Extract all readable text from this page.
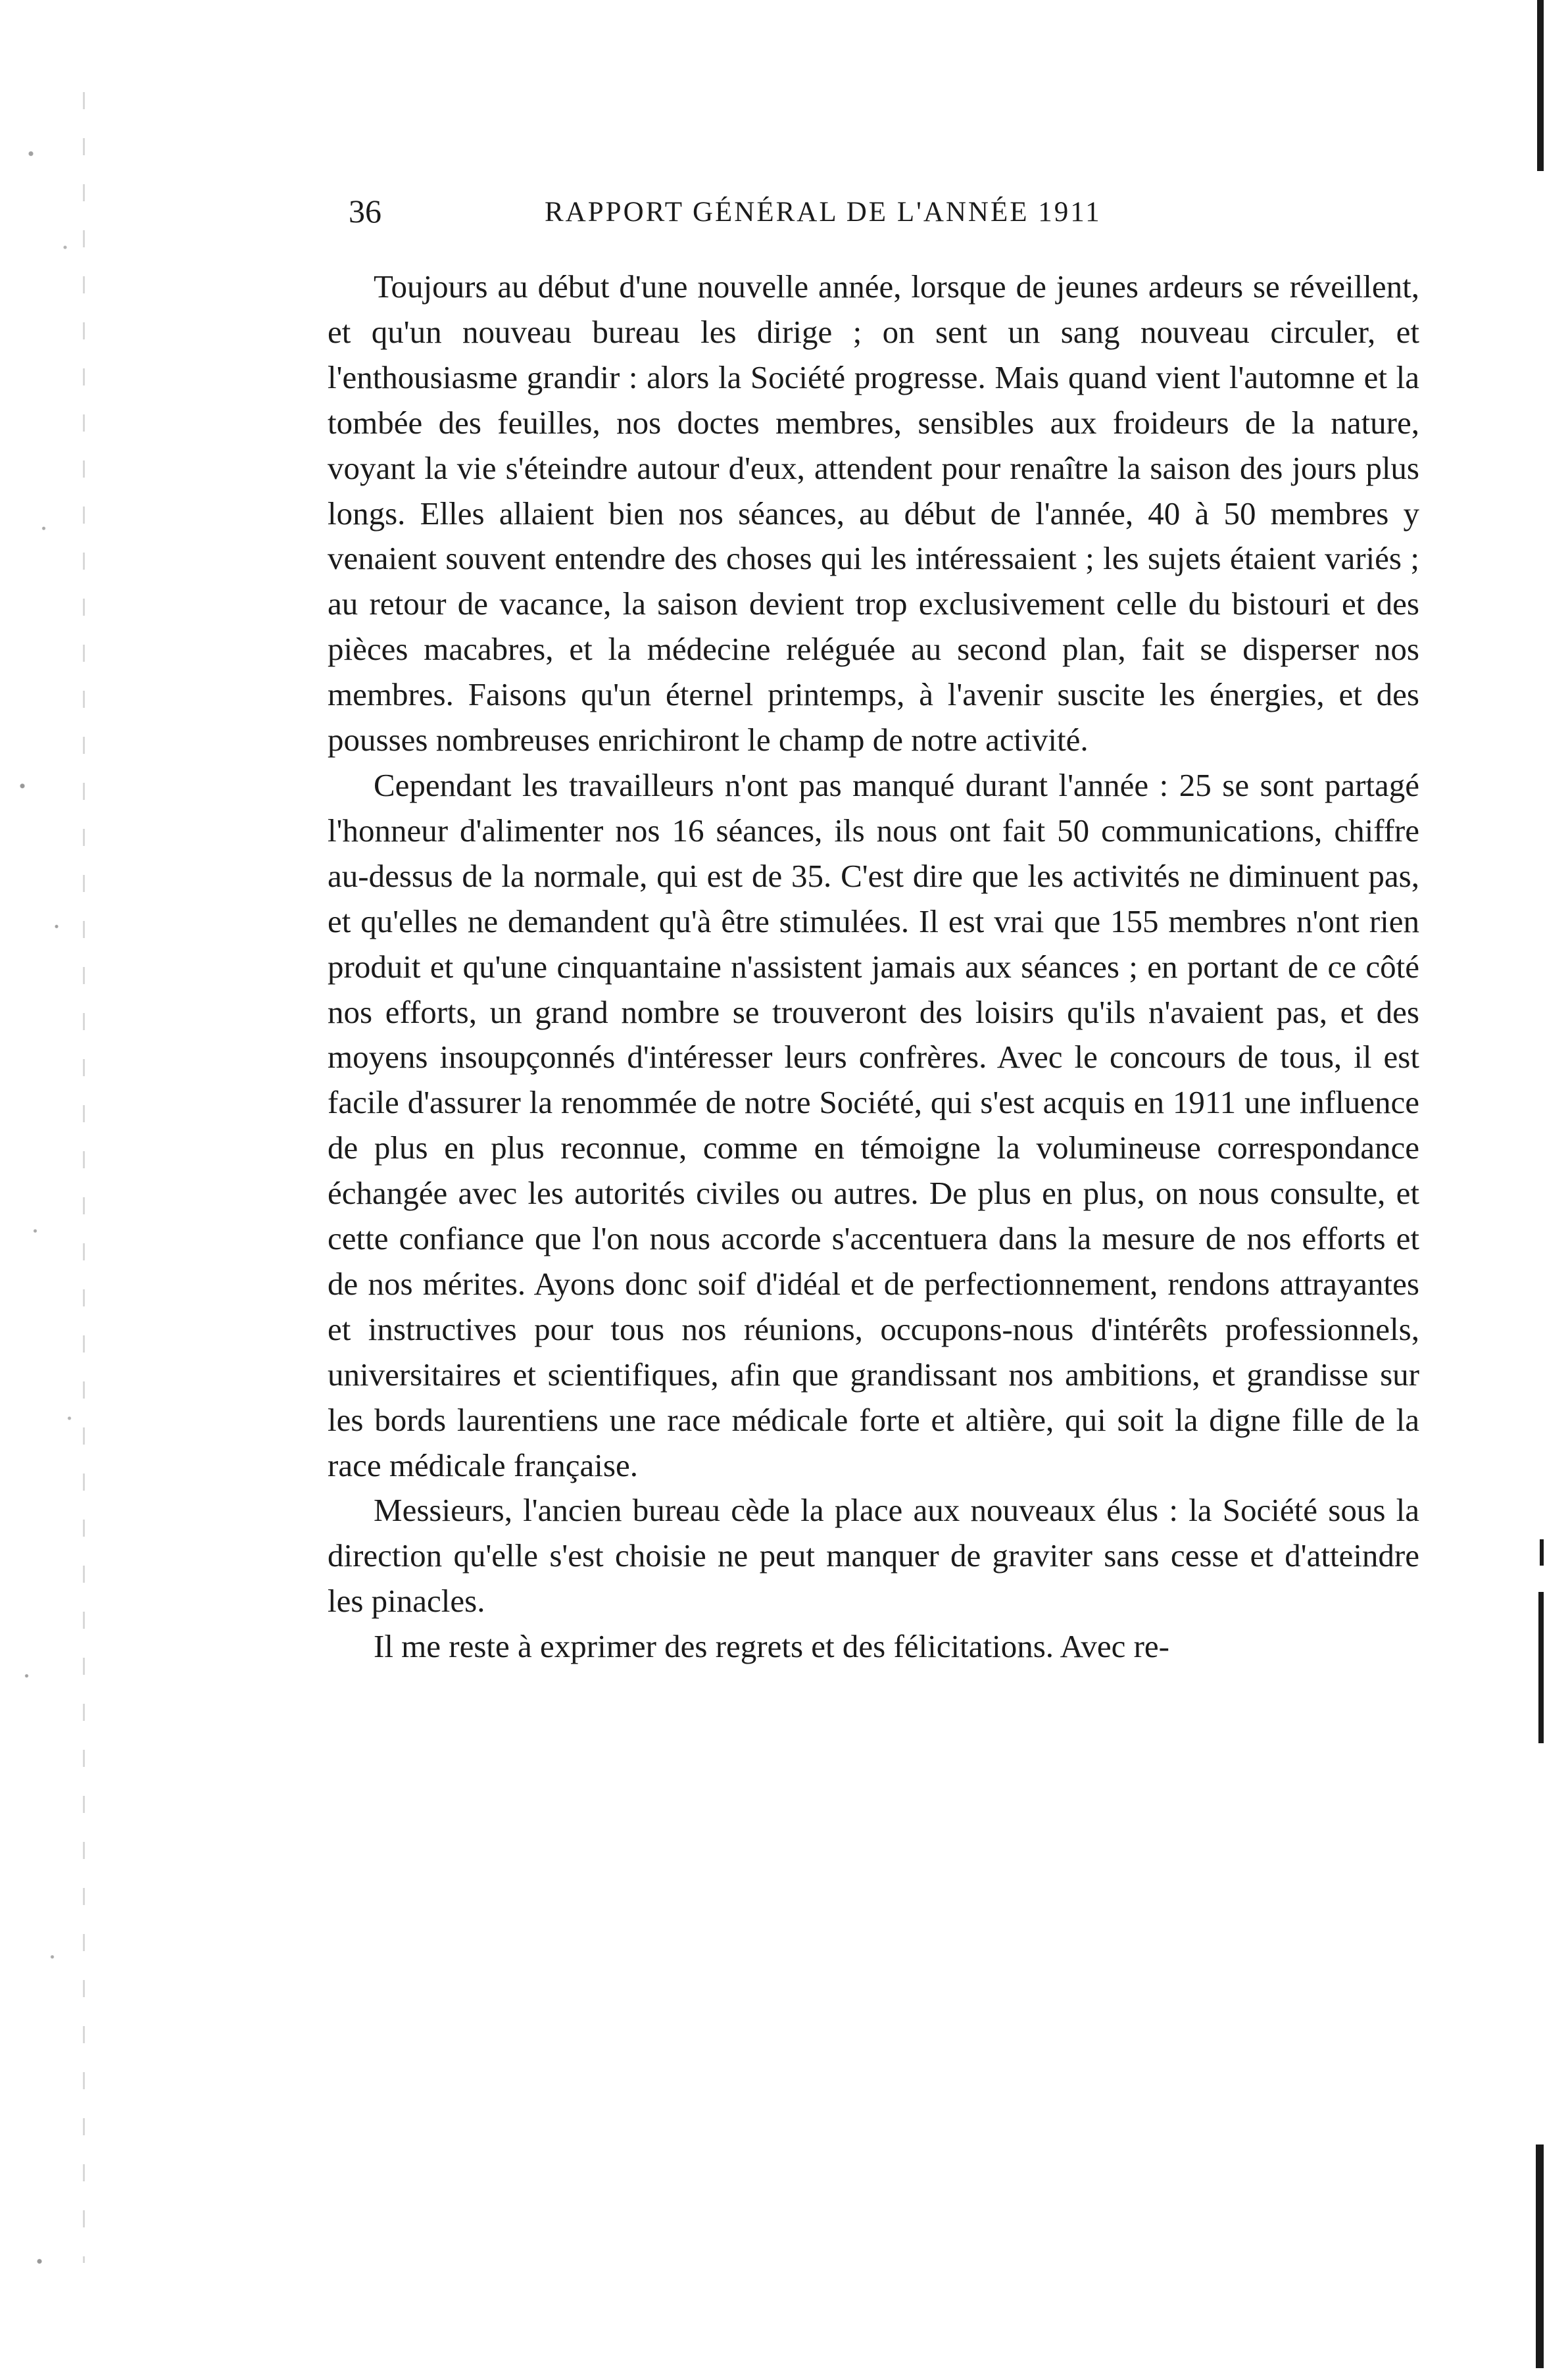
36	RAPPORT GÉNÉRAL DE L'ANNÉE 1911

Toujours au début d'une nouvelle année, lorsque de jeunes ardeurs se réveillent, et qu'un nouveau bureau les dirige ; on sent un sang nouveau circuler, et l'enthousiasme grandir : alors la Société progresse. Mais quand vient l'automne et la tombée des feuilles, nos doctes membres, sensibles aux froideurs de la nature, voyant la vie s'éteindre autour d'eux, attendent pour renaître la saison des jours plus longs. Elles allaient bien nos séances, au début de l'année, 40 à 50 membres y venaient souvent entendre des choses qui les intéressaient ; les sujets étaient variés ; au retour de vacance, la saison devient trop exclusivement celle du bistouri et des pièces macabres, et la médecine reléguée au second plan, fait se disperser nos membres. Faisons qu'un éternel printemps, à l'avenir suscite les énergies, et des pousses nombreuses enrichiront le champ de notre activité.

Cependant les travailleurs n'ont pas manqué durant l'année : 25 se sont partagé l'honneur d'alimenter nos 16 séances, ils nous ont fait 50 communications, chiffre au-dessus de la normale, qui est de 35. C'est dire que les activités ne diminuent pas, et qu'elles ne demandent qu'à être stimulées. Il est vrai que 155 membres n'ont rien produit et qu'une cinquantaine n'assistent jamais aux séances ; en portant de ce côté nos efforts, un grand nombre se trouveront des loisirs qu'ils n'avaient pas, et des moyens insoupçonnés d'intéresser leurs confrères. Avec le concours de tous, il est facile d'assurer la renommée de notre Société, qui s'est acquis en 1911 une influence de plus en plus reconnue, comme en témoigne la volumineuse correspondance échangée avec les autorités civiles ou autres. De plus en plus, on nous consulte, et cette confiance que l'on nous accorde s'accentuera dans la mesure de nos efforts et de nos mérites. Ayons donc soif d'idéal et de perfectionnement, rendons attrayantes et instructives pour tous nos réunions, occupons-nous d'intérêts professionnels, universitaires et scientifiques, afin que grandissant nos ambitions, et grandisse sur les bords laurentiens une race médicale forte et altière, qui soit la digne fille de la race médicale française.

Messieurs, l'ancien bureau cède la place aux nouveaux élus : la Société sous la direction qu'elle s'est choisie ne peut manquer de graviter sans cesse et d'atteindre les pinacles.

Il me reste à exprimer des regrets et des félicitations. Avec re-
